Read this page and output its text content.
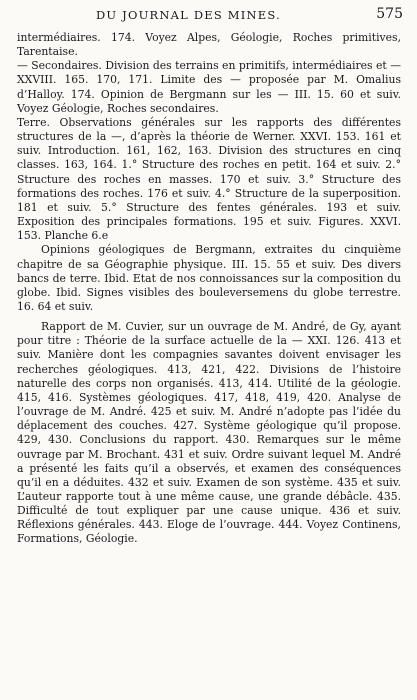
DU JOURNAL DES MINES.	575

intermédiaires. 174. Voyez Alpes, Géologie, Roches primitives, Tarentaise.

— Secondaires. Division des terrains en primitifs, intermédiaires et — XXVIII. 165. 170, 171. Limite des — proposée par M. Omalius d’Halloy. 174. Opinion de Bergmann sur les — III. 15. 60 et suiv. Voyez Géologie, Roches secondaires.

Terre. Observations générales sur les rapports des différentes structures de la —, d’après la théorie de Werner. XXVI. 153. 161 et suiv. Introduction. 161, 162, 163. Division des structures en cinq classes. 163, 164. 1.° Structure des roches en petit. 164 et suiv. 2.° Structure des roches en masses. 170 et suiv. 3.° Structure des formations des roches. 176 et suiv. 4.° Structure de la superposition. 181 et suiv. 5.° Structure des fentes générales. 193 et suiv. Exposition des principales formations. 195 et suiv. Figures. XXVI. 153. Planche 6.e

Opinions géologiques de Bergmann, extraites du cinquième chapitre de sa Géographie physique. III. 15. 55 et suiv. Des divers bancs de terre. Ibid. Etat de nos connoissances sur la composition du globe. Ibid. Signes visibles des bouleversemens du globe terrestre. 16. 64 et suiv.

Rapport de M. Cuvier, sur un ouvrage de M. André, de Gy, ayant pour titre : Théorie de la surface actuelle de la — XXI. 126. 413 et suiv. Manière dont les compagnies savantes doivent envisager les recherches géologiques. 413, 421, 422. Divisions de l’histoire naturelle des corps non organisés. 413, 414. Utilité de la géologie. 415, 416. Systèmes géologiques. 417, 418, 419, 420. Analyse de l’ouvrage de M. André. 425 et suiv. M. André n’adopte pas l’idée du déplacement des couches. 427. Système géologique qu’il propose. 429, 430. Conclusions du rapport. 430. Remarques sur le même ouvrage par M. Brochant. 431 et suiv. Ordre suivant lequel M. André a présenté les faits qu’il a observés, et examen des conséquences qu’il en a déduites. 432 et suiv. Examen de son système. 435 et suiv. L’auteur rapporte tout à une même cause, une grande débâcle. 435. Difficulté de tout expliquer par une cause unique. 436 et suiv. Réflexions générales. 443. Eloge de l’ouvrage. 444. Voyez Continens, Formations, Géologie.
